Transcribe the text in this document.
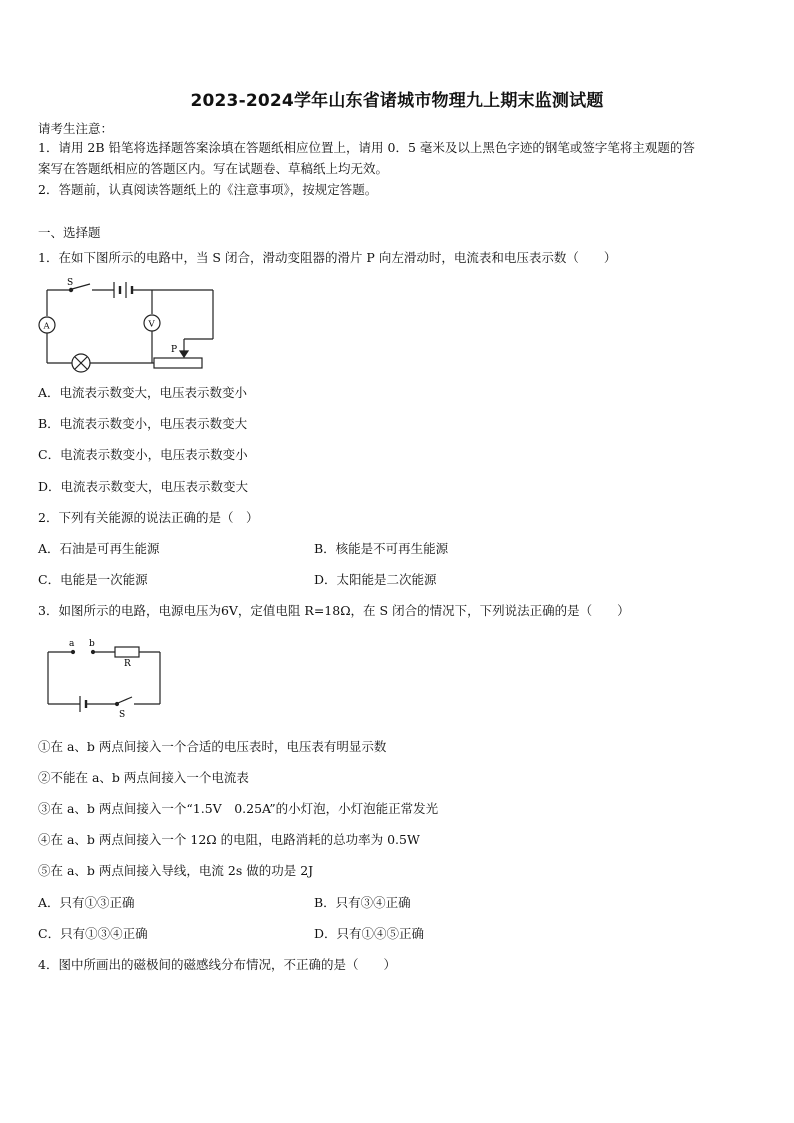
2023-2024学年山东省诸城市物理九上期末监测试题
请考生注意：
1．请用 2B 铅笔将选择题答案涂填在答题纸相应位置上，请用 0．5 毫米及以上黑色字迹的钢笔或签字笔将主观题的答
案写在答题纸相应的答题区内。写在试题卷、草稿纸上均无效。
2．答题前，认真阅读答题纸上的《注意事项》，按规定答题。
一、选择题
1．在如下图所示的电路中，当 S 闭合，滑动变阻器的滑片 P 向左滑动时，电流表和电压表示数（　　）
S
A	V
P
A．电流表示数变大，电压表示数变小
B．电流表示数变小，电压表示数变大
C．电流表示数变小，电压表示数变小
D．电流表示数变大，电压表示数变大
2．下列有关能源的说法正确的是（　）
A．石油是可再生能源	B．核能是不可再生能源
C．电能是一次能源	D．太阳能是二次能源
3．如图所示的电路，电源电压为6V，定值电阻 R=18Ω，在 S 闭合的情况下，下列说法正确的是（　　）
a b
R
S
①在 a、b 两点间接入一个合适的电压表时，电压表有明显示数
②不能在 a、b 两点间接入一个电流表
③在 a、b 两点间接入一个“1.5V　0.25A”的小灯泡，小灯泡能正常发光
④在 a、b 两点间接入一个 12Ω 的电阻，电路消耗的总功率为 0.5W
⑤在 a、b 两点间接入导线，电流 2s 做的功是 2J
A．只有①③正确	B．只有③④正确
C．只有①③④正确	D．只有①④⑤正确
4．图中所画出的磁极间的磁感线分布情况，不正确的是（　　）
